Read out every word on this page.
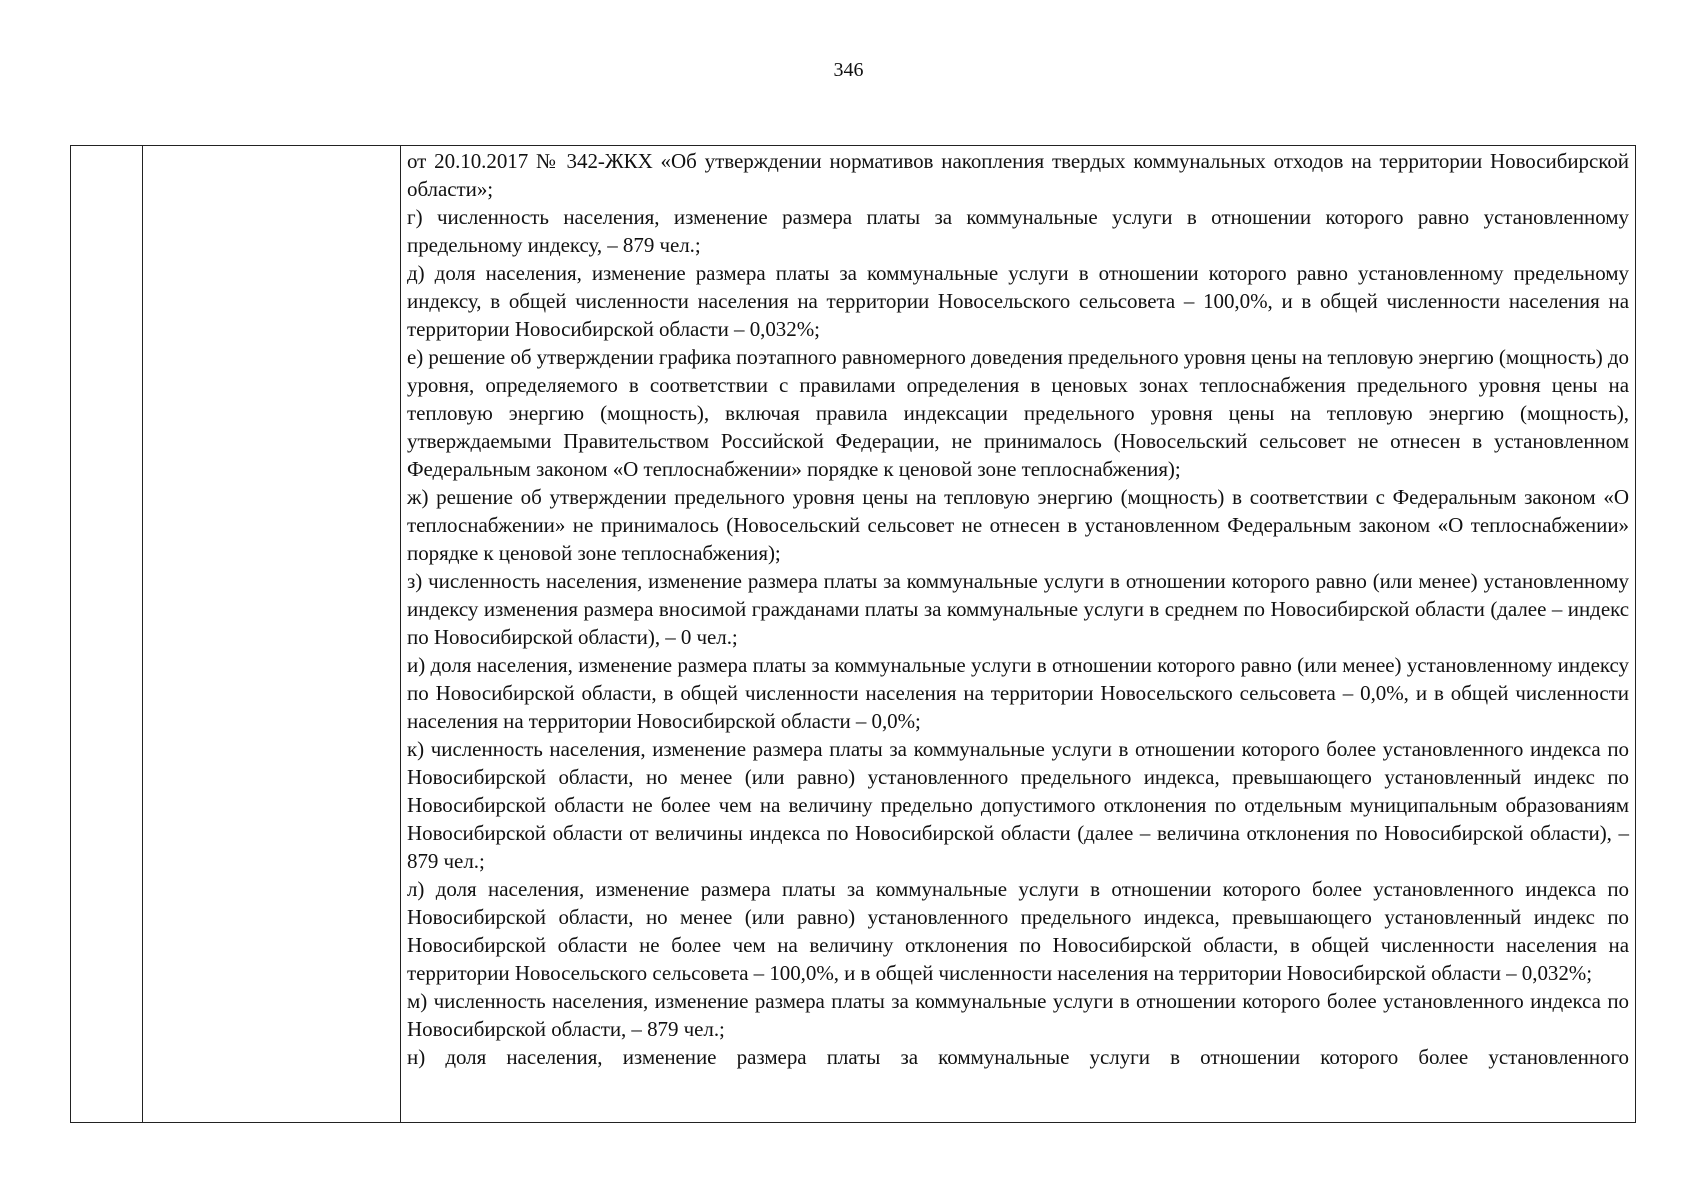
346

от 20.10.2017 № 342-ЖКХ «Об утверждении нормативов накопления твердых коммунальных отходов на территории Новосибирской области»;

г) численность населения, изменение размера платы за коммунальные услуги в отношении которого равно установленному предельному индексу, – 879 чел.;

д) доля населения, изменение размера платы за коммунальные услуги в отношении которого равно установленному предельному индексу, в общей численности населения на территории Новосельского сельсовета – 100,0%, и в общей численности населения на территории Новосибирской области – 0,032%;

е) решение об утверждении графика поэтапного равномерного доведения предельного уровня цены на тепловую энергию (мощность) до уровня, определяемого в соответствии с правилами определения в ценовых зонах теплоснабжения предельного уровня цены на тепловую энергию (мощность), включая правила индексации предельного уровня цены на тепловую энергию (мощность), утверждаемыми Правительством Российской Федерации, не принималось (Новосельский сельсовет не отнесен в установленном Федеральным законом «О теплоснабжении» порядке к ценовой зоне теплоснабжения);

ж) решение об утверждении предельного уровня цены на тепловую энергию (мощность) в соответствии с Федеральным законом «О теплоснабжении» не принималось (Новосельский сельсовет не отнесен в установленном Федеральным законом «О теплоснабжении» порядке к ценовой зоне теплоснабжения);

з) численность населения, изменение размера платы за коммунальные услуги в отношении которого равно (или менее) установленному индексу изменения размера вносимой гражданами платы за коммунальные услуги в среднем по Новосибирской области (далее – индекс по Новосибирской области), – 0 чел.;

и) доля населения, изменение размера платы за коммунальные услуги в отношении которого равно (или менее) установленному индексу по Новосибирской области, в общей численности населения на территории Новосельского сельсовета – 0,0%, и в общей численности населения на территории Новосибирской области – 0,0%;

к) численность населения, изменение размера платы за коммунальные услуги в отношении которого более установленного индекса по Новосибирской области, но менее (или равно) установленного предельного индекса, превышающего установленный индекс по Новосибирской области не более чем на величину предельно допустимого отклонения по отдельным муниципальным образованиям Новосибирской области от величины индекса по Новосибирской области (далее – величина отклонения по Новосибирской области), – 879 чел.;

л) доля населения, изменение размера платы за коммунальные услуги в отношении которого более установленного индекса по Новосибирской области, но менее (или равно) установленного предельного индекса, превышающего установленный индекс по Новосибирской области не более чем на величину отклонения по Новосибирской области, в общей численности населения на территории Новосельского сельсовета – 100,0%, и в общей численности населения на территории Новосибирской области – 0,032%;

м) численность населения, изменение размера платы за коммунальные услуги в отношении которого более установленного индекса по Новосибирской области, – 879 чел.;

н) доля населения, изменение размера платы за коммунальные услуги в отношении которого более установленного
